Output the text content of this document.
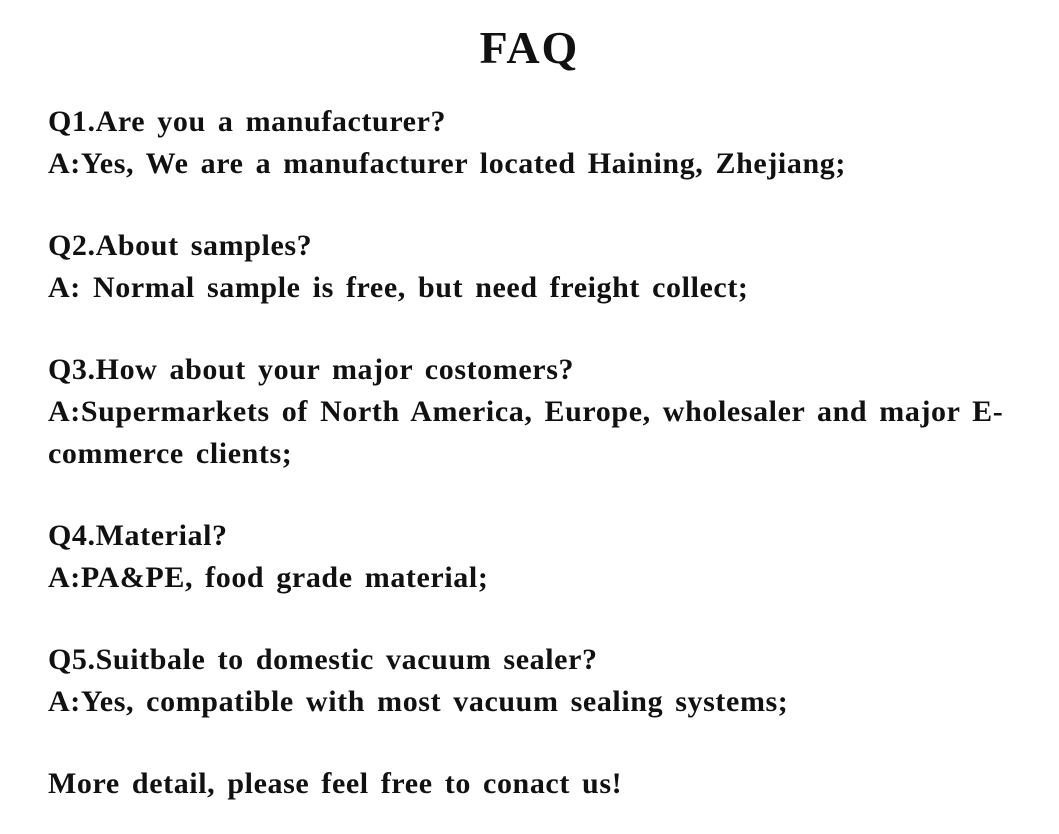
FAQ
Q1.Are you a manufacturer?
A:Yes, We are a manufacturer located Haining, Zhejiang;
Q2.About samples?
A: Normal sample is free, but need freight collect;
Q3.How about your major costomers?
A:Supermarkets of North America, Europe, wholesaler and major E-commerce clients;
Q4.Material?
A:PA&PE, food grade material;
Q5.Suitbale to domestic vacuum sealer?
A:Yes, compatible with most vacuum sealing systems;
More detail, please feel free to conact us!
